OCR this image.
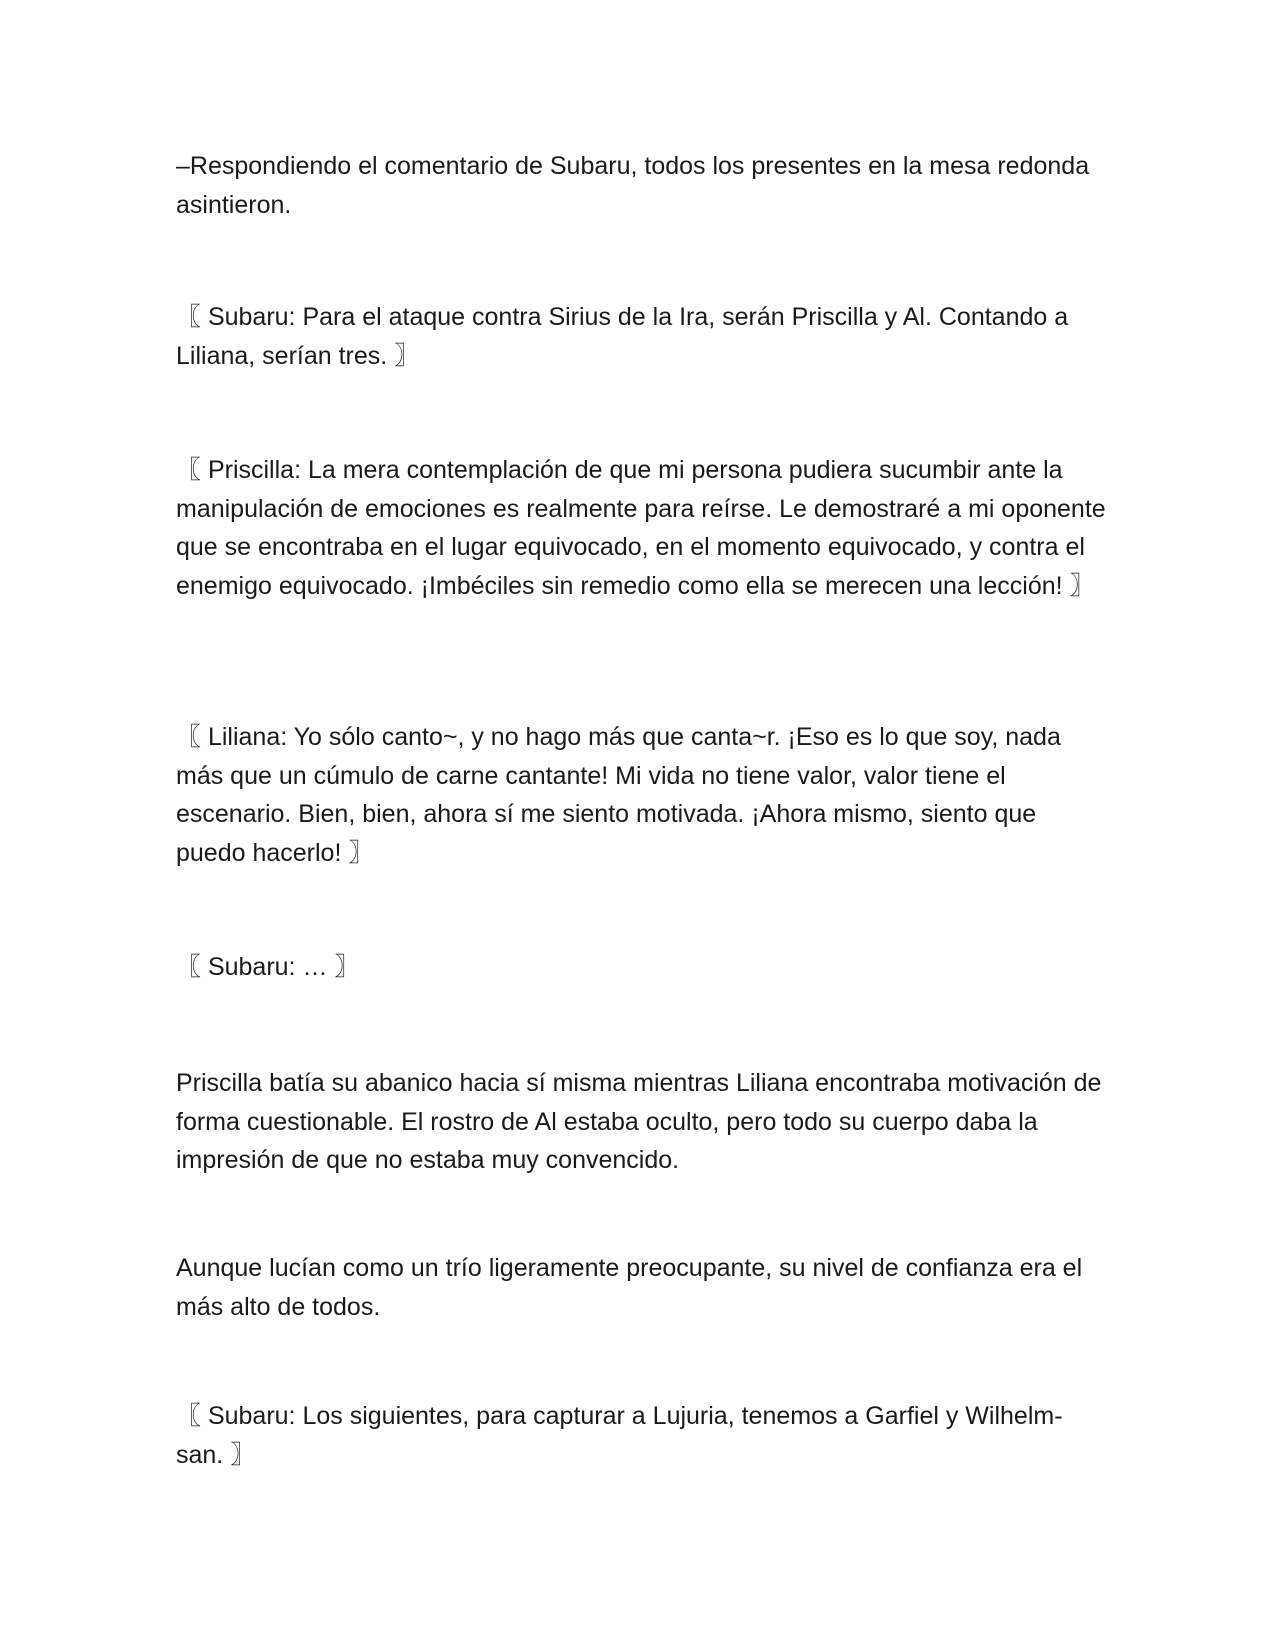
–Respondiendo el comentario de Subaru, todos los presentes en la mesa redonda asintieron.

〖 Subaru: Para el ataque contra Sirius de la Ira, serán Priscilla y Al. Contando a Liliana, serían tres. 〗

〖 Priscilla: La mera contemplación de que mi persona pudiera sucumbir ante la manipulación de emociones es realmente para reírse. Le demostraré a mi oponente que se encontraba en el lugar equivocado, en el momento equivocado, y contra el enemigo equivocado. ¡Imbéciles sin remedio como ella se merecen una lección! 〗

〖 Liliana: Yo sólo canto~, y no hago más que canta~r. ¡Eso es lo que soy, nada más que un cúmulo de carne cantante! Mi vida no tiene valor, valor tiene el escenario. Bien, bien, ahora sí me siento motivada. ¡Ahora mismo, siento que puedo hacerlo! 〗

〖 Subaru: … 〗

Priscilla batía su abanico hacia sí misma mientras Liliana encontraba motivación de forma cuestionable. El rostro de Al estaba oculto, pero todo su cuerpo daba la impresión de que no estaba muy convencido.

Aunque lucían como un trío ligeramente preocupante, su nivel de confianza era el más alto de todos.

〖 Subaru: Los siguientes, para capturar a Lujuria, tenemos a Garfiel y Wilhelm-san. 〗
